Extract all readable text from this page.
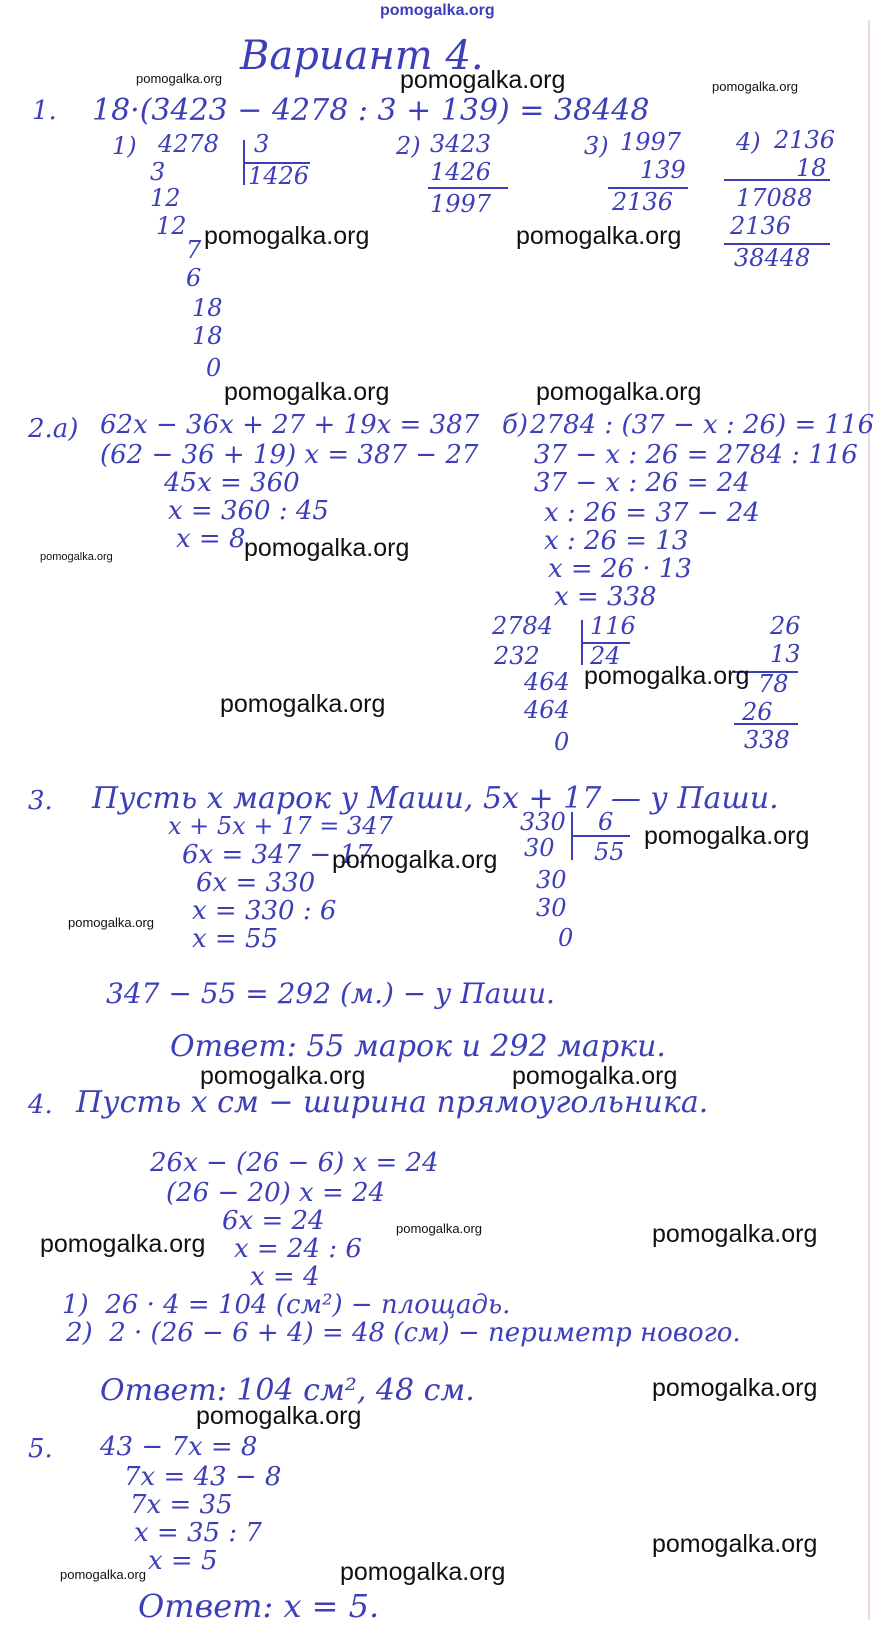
pomogalka.org
Вариант 4.
1. 18·(3423 − 4278 : 3 + 139) = 38448
1) 4278
3
12
12
7
6
18
18
0
3
1426
2) 3423
1426
1997
3) 1997
139
2136
4) 2136
18
17088
2136
38448
2.а) 62x − 36x + 27 + 19x = 387
(62 − 36 + 19) x = 387 − 27
45x = 360
x = 360 : 45
x = 8
б) 2784 : (37 − x : 26) = 116
37 − x : 26 = 2784 : 116
37 − x : 26 = 24
x : 26 = 37 − 24
x : 26 = 13
x = 26 · 13
x = 338
2784 116
24
232
464
464
0
26
13
78
26
338
3. Пусть x марок у Маши, 5x + 17 — у Паши.
x + 5x + 17 = 347
6x = 347 − 17
6x = 330
x = 330 : 6
x = 55
330 6
55
30
30
30
0
347 − 55 = 292 (м.) − у Паши.
Ответ: 55 марок и 292 марки.
4. Пусть x см − ширина прямоугольника.
26x − (26 − 6) x = 24
(26 − 20) x = 24
6x = 24
x = 24 : 6
x = 4
1)  26 · 4 = 104 (см²) − площадь.
2)  2 · (26 − 6 + 4) = 48 (см) − периметр нового.
Ответ: 104 см², 48 см.
5. 43 − 7x = 8
7x = 43 − 8
7x = 35
x = 35 : 7
x = 5
Ответ: x = 5.
pomogalka.org	pomogalka.org	pomogalka.org
pomogalka.org	pomogalka.org
pomogalka.org	pomogalka.org
pomogalka.org	pomogalka.org
pomogalka.org
pomogalka.org
pomogalka.org
pomogalka.org
pomogalka.org
pomogalka.org	pomogalka.org
pomogalka.org	pomogalka.org
pomogalka.org
pomogalka.org
pomogalka.org
pomogalka.org
pomogalka.org	pomogalka.org
